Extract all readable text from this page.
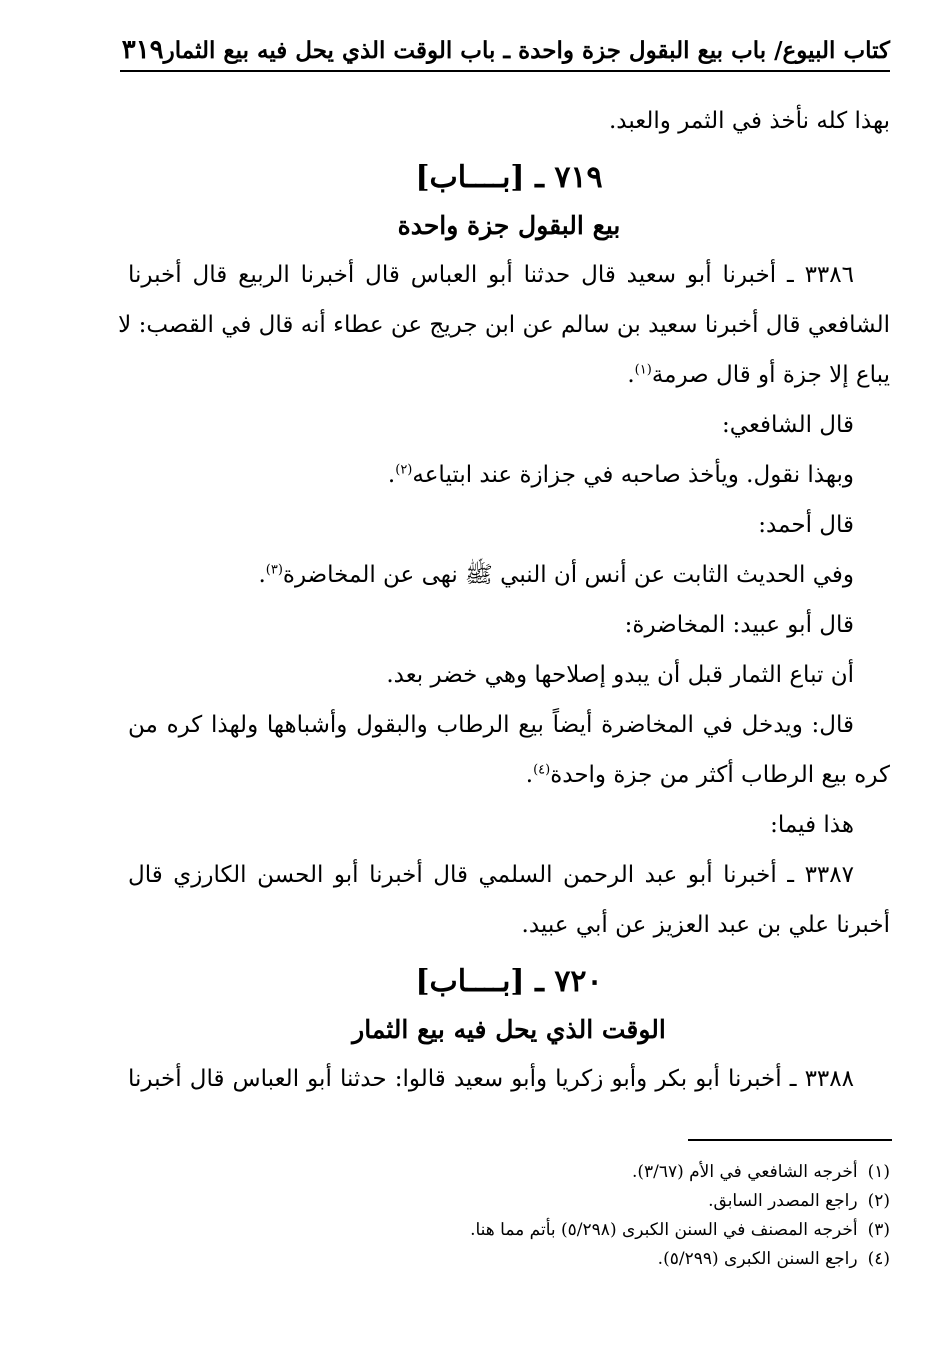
كتاب البيوع/ باب بيع البقول جزة واحدة ـ باب الوقت الذي يحل فيه بيع الثمار
٣١٩
بهذا كله نأخذ في الثمر والعبد.
٧١٩ ـ [بــــاب]
بيع البقول جزة واحدة
٣٣٨٦ ـ أخبرنا أبو سعيد قال حدثنا أبو العباس قال أخبرنا الربيع قال أخبرنا
الشافعي قال أخبرنا سعيد بن سالم عن ابن جريج عن عطاء أنه قال في القصب: لا
يباع إلا جزة أو قال صرمة$^{(١)}$.
قال الشافعي:
وبهذا نقول. ويأخذ صاحبه في جزازة عند ابتياعه$^{(٢)}$.
قال أحمد:
وفي الحديث الثابت عن أنس أن النبي ﷺ نهى عن المخاضرة$^{(٣)}$.
قال أبو عبيد: المخاضرة:
أن تباع الثمار قبل أن يبدو إصلاحها وهي خضر بعد.
قال: ويدخل في المخاضرة أيضاً بيع الرطاب والبقول وأشباهها ولهذا كره من
كره بيع الرطاب أكثر من جزة واحدة$^{(٤)}$.
هذا فيما:
٣٣٨٧ ـ أخبرنا أبو عبد الرحمن السلمي قال أخبرنا أبو الحسن الكارزي قال
أخبرنا علي بن عبد العزيز عن أبي عبيد.
٧٢٠ ـ [بــــاب]
الوقت الذي يحل فيه بيع الثمار
٣٣٨٨ ـ أخبرنا أبو بكر وأبو زكريا وأبو سعيد قالوا: حدثنا أبو العباس قال أخبرنا
(١)أخرجه الشافعي في الأم (٣/٦٧).
(٢)راجع المصدر السابق.
(٣)أخرجه المصنف في السنن الكبرى (٥/٢٩٨) بأتم مما هنا.
(٤)راجع السنن الكبرى (٥/٢٩٩).
